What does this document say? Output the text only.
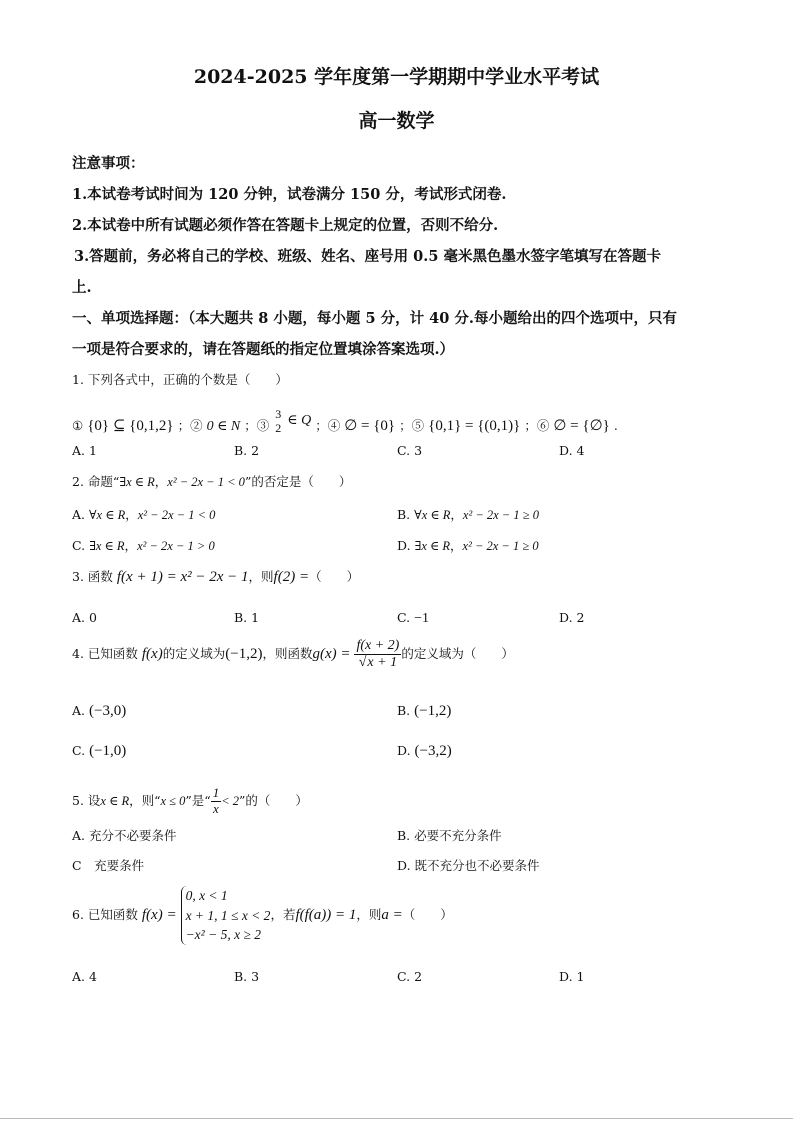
2024-2025 学年度第一学期期中学业水平考试
高一数学
注意事项：
1.本试卷考试时间为 120 分钟，试卷满分 150 分，考试形式闭卷.
2.本试卷中所有试题必须作答在答题卡上规定的位置，否则不给分.
3.答题前，务必将自己的学校、班级、姓名、座号用 0.5 毫米黑色墨水签字笔填写在答题卡
上.
一、单项选择题：（本大题共 8 小题，每小题 5 分，计 40 分.每小题给出的四个选项中，只有
一项是符合要求的，请在答题纸的指定位置填涂答案选项.）
1. 下列各式中，正确的个数是（　　）
① {0} ⊆ {0,1,2} ；② 0 ∈ N ；③
3
2 ∈ Q ；④ ∅ = {0} ；⑤ {0,1} = {(0,1)} ；⑥ ∅ = {∅} .
A. 1	B. 2	C. 3	D. 4
2. 命题“∃x ∈ R，x² − 2x − 1 < 0”的否定是（　　）
A. ∀x ∈ R，x² − 2x − 1 < 0	B. ∀x ∈ R，x² − 2x − 1 ≥ 0
C. ∃x ∈ R，x² − 2x − 1 > 0	D. ∃x ∈ R，x² − 2x − 1 ≥ 0
3. 函数 f(x + 1) = x² − 2x − 1，则f(2) =（　　）
A. 0	B. 1	C. −1	D. 2
4. 已知函数 f(x)的定义域为(−1,2)，则函数$g(x) = \frac{f(x + 2)}{√x + 1}$ 的定义域为（　　）
A. (−3,0)	B. (−1,2)
C. (−1,0)	D. (−3,2)
5. 设x ∈ R，则“x ≤ 0”是“ $\frac{1}{x} < 2$”的（　　）
A. 充分不必要条件	B. 必要不充分条件
C　充要条件	D. 既不充分也不必要条件
6. 已知函数 f(x) =
0, x < 1
x + 1, 1 ≤ x < 2
−x² − 5, x ≥ 2
，若f(f(a)) = 1，则a =（　　）
A. 4	B. 3	C. 2	D. 1
